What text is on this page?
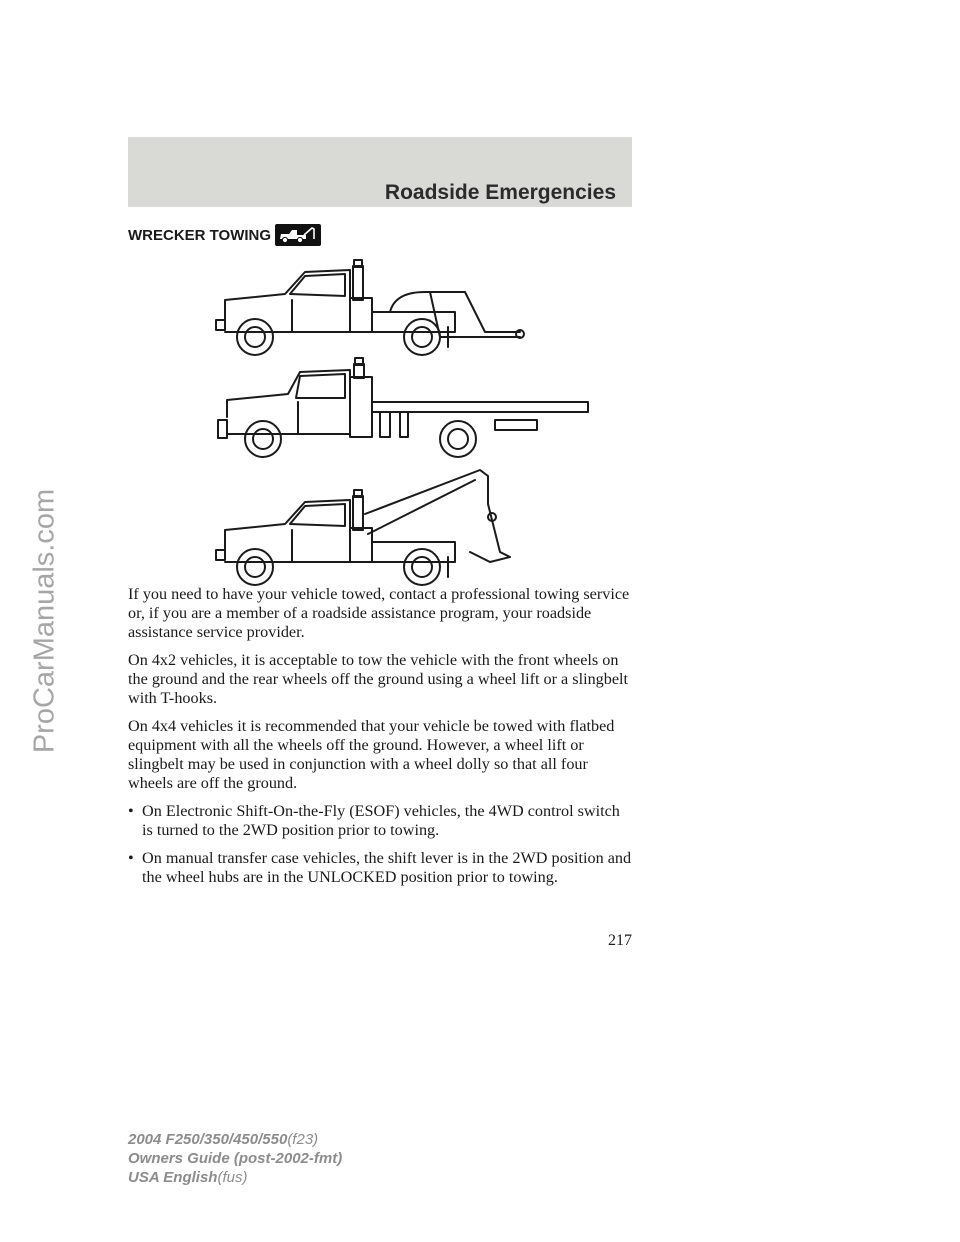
Roadside Emergencies
ProCarManuals.com
WRECKER TOWING

If you need to have your vehicle towed, contact a professional towing service or, if you are a member of a roadside assistance program, your roadside assistance service provider.

On 4x2 vehicles, it is acceptable to tow the vehicle with the front wheels on the ground and the rear wheels off the ground using a wheel lift or a slingbelt with T-hooks.

On 4x4 vehicles it is recommended that your vehicle be towed with flatbed equipment with all the wheels off the ground. However, a wheel lift or slingbelt may be used in conjunction with a wheel dolly so that all four wheels are off the ground.

• On Electronic Shift-On-the-Fly (ESOF) vehicles, the 4WD control switch is turned to the 2WD position prior to towing.
• On manual transfer case vehicles, the shift lever is in the 2WD position and the wheel hubs are in the UNLOCKED position prior to towing.
217
2004 F250/350/450/550(f23)
Owners Guide (post-2002-fmt)
USA English(fus)
